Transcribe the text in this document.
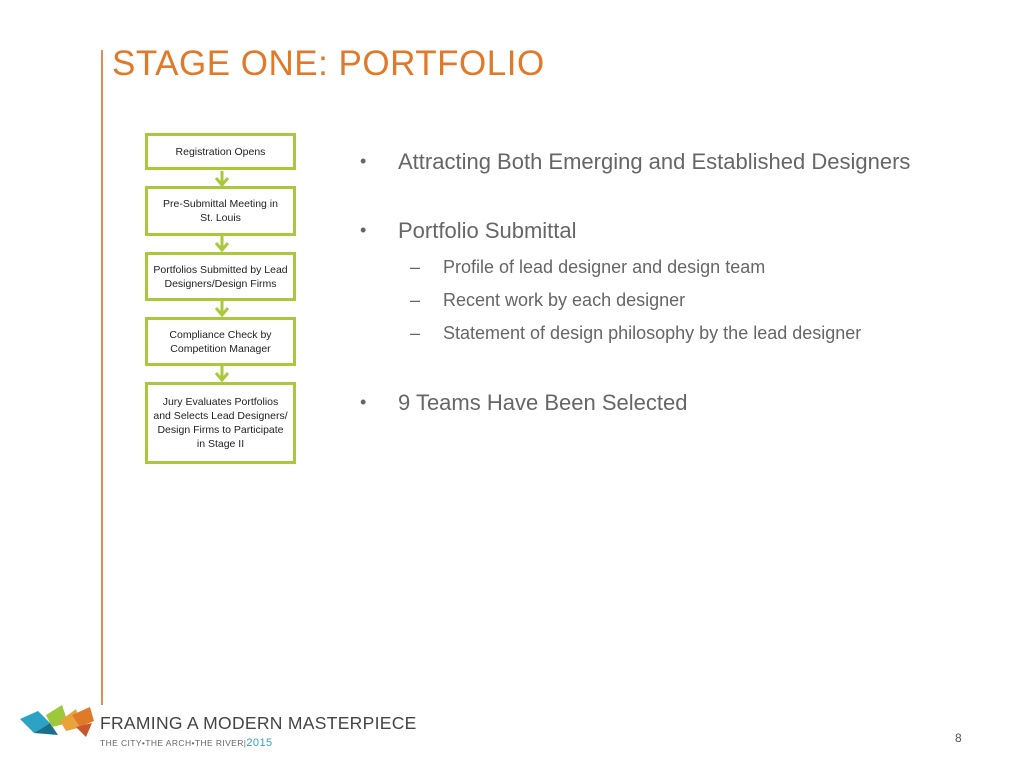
STAGE ONE: PORTFOLIO
Registration Opens
Pre-Submittal Meeting in
St. Louis
Portfolios Submitted by Lead
Designers/Design Firms
Compliance Check by
Competition Manager
Jury Evaluates Portfolios
and Selects Lead Designers/
Design Firms to Participate
in Stage II
•	Attracting Both Emerging and Established Designers
•	Portfolio Submittal
–	Profile of lead designer and design team
–	Recent work by each designer
–	Statement of design philosophy by the lead designer
•	9 Teams Have Been Selected
FRAMING A MODERN MASTERPIECE
THE CITY•THE ARCH•THE RIVER|2015	8
